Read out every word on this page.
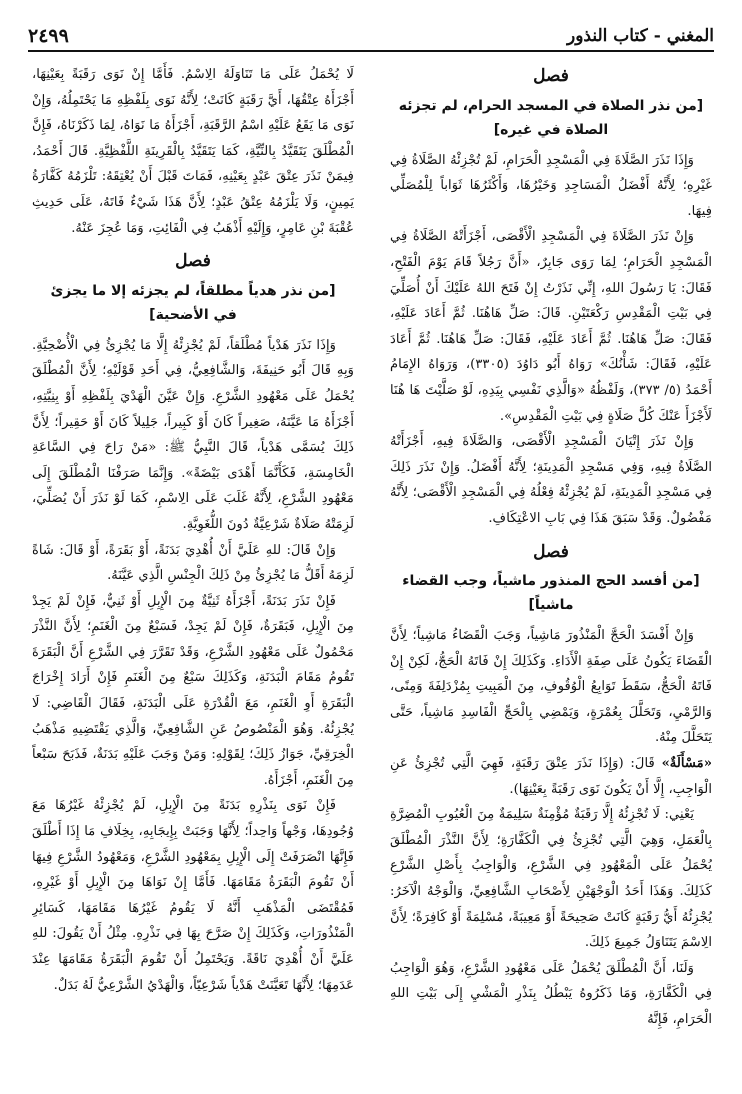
المغني-كتاب النذور
٢٤٩٩
فصل
[من نذر الصلاة في المسجد الحرام، لم تجزئه الصلاة في غيره]

وَإِذَا نَذَرَ الصَّلَاةَ فِي الْمَسْجِدِ الْحَرَامِ، لَمْ تُجْزِئْهُ الصَّلَاةُ فِي غَيْرِهِ؛ لِأَنَّهُ أَفْضَلُ الْمَسَاجِدِ وَخَيْرُهَا، وَأَكْثَرُهَا ثَوَاباً لِلْمُصَلِّي فِيهَا.

وَإِنْ نَذَرَ الصَّلَاةَ فِي الْمَسْجِدِ الْأَقْصَى، أَجْزَأَتْهُ الصَّلَاةُ فِي الْمَسْجِدِ الْحَرَامِ؛ لِمَا رَوَى جَابِرٌ، «أَنَّ رَجُلاً قَامَ يَوْمَ الْفَتْحِ، فَقَالَ: يَا رَسُولَ اللهِ، إِنِّي نَذَرْتُ إِنْ فَتَحَ اللهُ عَلَيْكَ أَنْ أُصَلِّيَ فِي بَيْتِ الْمَقْدِسِ رَكْعَتَيْنِ. قَالَ: صَلِّ هَاهُنَا. ثُمَّ أَعَادَ عَلَيْهِ، فَقَالَ: صَلِّ هَاهُنَا. ثُمَّ أَعَادَ عَلَيْهِ، فَقَالَ: صَلِّ هَاهُنَا. ثُمَّ أَعَادَ عَلَيْهِ، فَقَالَ: شَأْنُكَ» رَوَاهُ أَبُو دَاوُدَ (٣٣٠٥)، وَرَوَاهُ الإِمَامُ أَحْمَدُ (٥/ ٣٧٣)، وَلَفْظُهُ «وَالَّذِي نَفْسِي بِيَدِهِ، لَوْ صَلَّيْتَ هَا هُنَا لَأَجْزَأَ عَنْكَ كُلَّ صَلَاةٍ فِي بَيْتِ الْمَقْدِسِ».

وَإِنْ نَذَرَ إِتْيَانَ الْمَسْجِدِ الْأَقْصَى، وَالصَّلَاةَ فِيهِ، أَجْزَأَتْهُ الصَّلَاةُ فِيهِ، وَفِي مَسْجِدِ الْمَدِينَةِ؛ لِأَنَّهُ أَفْضَلُ. وَإِنْ نَذَرَ ذَلِكَ فِي مَسْجِدِ الْمَدِينَةِ، لَمْ يُجْزِئْهُ فِعْلُهُ فِي الْمَسْجِدِ الْأَقْصَى؛ لِأَنَّهُ مَفْضُولٌ. وَقَدْ سَبَقَ هَذَا فِي بَابِ الاعْتِكَافِ.

فصل
[من أفسد الحج المنذور ماشياً، وجب القضاء ماشياً]

وَإِنْ أَفْسَدَ الْحَجَّ الْمَنْذُورَ مَاشِياً، وَجَبَ الْقَضَاءُ مَاشِياً؛ لِأَنَّ الْقَضَاءَ يَكُونُ عَلَى صِفَةِ الْأَدَاءِ. وَكَذَلِكَ إِنْ فَاتَهُ الْحَجُّ، لَكِنْ إِنْ فَاتَهُ الْحَجُّ، سَقَطَ تَوَابِعُ الْوُقُوفِ، مِنَ الْمَبِيتِ بِمُزْدَلِفَةَ وَمِنًى، وَالرَّمْيِ، وَتَحَلَّلَ بِعُمْرَةٍ، وَيَمْضِي بِالْحَجِّ الْفَاسِدِ مَاشِياً، حَتَّى يَتَحَلَّلَ مِنْهُ.

«مَسْأَلَةٌ» قَالَ: (وَإِذَا نَذَرَ عِتْقَ رَقَبَةٍ، فَهِيَ الَّتِي تُجْزِئُ عَنِ الْوَاجِبِ، إِلَّا أَنْ يَكُونَ نَوَى رَقَبَةً بِعَيْنِهَا).

يَعْنِي: لَا تُجْزِئُهُ إِلَّا رَقَبَةٌ مُؤْمِنَةٌ سَلِيمَةٌ مِنَ الْعُيُوبِ الْمُضِرَّةِ بِالْعَمَلِ، وَهِيَ الَّتِي تُجْزِئُ فِي الْكَفَّارَةِ؛ لِأَنَّ النَّذْرَ الْمُطْلَقَ يُحْمَلُ عَلَى الْمَعْهُودِ فِي الشَّرْعِ، وَالْوَاجِبُ بِأَصْلِ الشَّرْعِ كَذَلِكَ. وَهَذَا أَحَدُ الْوَجْهَيْنِ لِأَصْحَابِ الشَّافِعِيِّ، وَالْوَجْهُ الْآخَرُ: يُجْزِئُهُ أَيُّ رَقَبَةٍ كَانَتْ صَحِيحَةً أَوْ مَعِيبَةً، مُسْلِمَةً أَوْ كَافِرَةً؛ لِأَنَّ الِاسْمَ يَتَنَاوَلُ جَمِيعَ ذَلِكَ.

وَلَنَا، أَنَّ الْمُطْلَقَ يُحْمَلُ عَلَى مَعْهُودِ الشَّرْعِ، وَهُوَ الْوَاجِبُ فِي الْكَفَّارَةِ، وَمَا ذَكَرُوهُ يَبْطُلُ بِنَذْرِ الْمَشْيِ إِلَى بَيْتِ اللهِ الْحَرَامِ، فَإِنَّهُ

لَا يُحْمَلُ عَلَى مَا تَنَاوَلَهُ الِاسْمُ. فَأَمَّا إِنْ نَوَى رَقَبَةً بِعَيْنِهَا، أَجْزَأَهُ عِتْقُهَا، أَيَّ رَقَبَةٍ كَانَتْ؛ لِأَنَّهُ نَوَى بِلَفْظِهِ مَا يَحْتَمِلُهُ، وَإِنْ نَوَى مَا يَقَعُ عَلَيْهِ اسْمُ الرَّقَبَةِ، أَجْزَأَهُ مَا نَوَاهُ، لِمَا ذَكَرْنَاهُ، فَإِنَّ الْمُطْلَقَ يَتَقَيَّدُ بِالنِّيَّةِ، كَمَا يَتَقَيَّدُ بِالْقَرِينَةِ اللَّفْظِيَّةِ. قَالَ أَحْمَدُ، فِيمَنْ نَذَرَ عِتْقَ عَبْدٍ بِعَيْنِهِ، فَمَاتَ قَبْلَ أَنْ يُعْتِقَهُ: تَلْزَمُهُ كَفَّارَةُ يَمِينٍ، وَلَا يَلْزَمُهُ عِتْقُ عَبْدٍ؛ لِأَنَّ هَذَا شَيْءٌ فَاتَهُ، عَلَى حَدِيثِ عُقْبَةَ بْنِ عَامِرٍ، وَإِلَيْهِ أَذْهَبُ فِي الْفَائِتِ، وَمَا عُجِزَ عَنْهُ.

فصل
[من نذر هدياً مطلقاً، لم يجزئه إلا ما يجزئ في الأضحية]

وَإِذَا نَذَرَ هَدْياً مُطْلَقاً، لَمْ يُجْزِئْهُ إِلَّا مَا يُجْزِئُ فِي الْأُضْحِيَّةِ. وَبِهِ قَالَ أَبُو حَنِيفَةَ، وَالشَّافِعِيُّ، فِي أَحَدِ قَوْلَيْهِ؛ لِأَنَّ الْمُطْلَقَ يُحْمَلُ عَلَى مَعْهُودِ الشَّرْعِ. وَإِنْ عَيَّنَ الْهَدْيَ بِلَفْظِهِ أَوْ بِنِيَّتِهِ، أَجْزَأَهُ مَا عَيَّنَهُ، صَغِيراً كَانَ أَوْ كَبِيراً، جَلِيلاً كَانَ أَوْ حَقِيراً؛ لِأَنَّ ذَلِكَ يُسَمَّى هَدْياً، قَالَ النَّبِيُّ ﷺ: «مَنْ رَاحَ فِي السَّاعَةِ الْخَامِسَةِ، فَكَأَنَّمَا أَهْدَى بَيْضَةً». وَإِنَّمَا صَرَفْنَا الْمُطْلَقَ إِلَى مَعْهُودِ الشَّرْعِ، لِأَنَّهُ غَلَبَ عَلَى الِاسْمِ، كَمَا لَوْ نَذَرَ أَنْ يُصَلِّيَ، لَزِمَتْهُ صَلَاةٌ شَرْعِيَّةٌ دُونَ اللُّغَوِيَّةِ.

وَإِنْ قَالَ: للهِ عَلَيَّ أَنْ أُهْدِيَ بَدَنَةً، أَوْ بَقَرَةً، أَوْ قَالَ: شَاةً لَزِمَهُ أَقَلُّ مَا يُجْزِئُ مِنْ ذَلِكَ الْجِنْسِ الَّذِي عَيَّنَهُ.

فَإِنْ نَذَرَ بَدَنَةً، أَجْزَأَهُ ثَنِيَّةٌ مِنَ الْإِبِلِ أَوْ ثَنِيٌّ، فَإِنْ لَمْ يَجِدْ مِنَ الْإِبِلِ، فَبَقَرَةٌ، فَإِنْ لَمْ يَجِدْ، فَسَبْعٌ مِنَ الْغَنَمِ؛ لِأَنَّ النَّذْرَ مَحْمُولٌ عَلَى مَعْهُودِ الشَّرْعِ، وَقَدْ تَقَرَّرَ فِي الشَّرْعِ أَنَّ الْبَقَرَةَ تَقُومُ مَقَامَ الْبَدَنَةِ، وَكَذَلِكَ سَبْعٌ مِنَ الْغَنَمِ فَإِنْ أَرَادَ إِخْرَاجَ الْبَقَرَةِ أَوِ الْغَنَمِ، مَعَ الْقُدْرَةِ عَلَى الْبَدَنَةِ، فَقَالَ الْقَاضِي: لَا يُجْزِئُهُ. وَهُوَ الْمَنْصُوصُ عَنِ الشَّافِعِيِّ، وَالَّذِي يَقْتَضِيهِ مَذْهَبُ الْخِرَقِيِّ، جَوَازُ ذَلِكَ؛ لِقَوْلِهِ: وَمَنْ وَجَبَ عَلَيْهِ بَدَنَةٌ، فَذَبَحَ سَبْعاً مِنَ الْغَنَمِ، أَجْزَأَهُ.

فَإِنْ نَوَى بِنَذْرِهِ بَدَنَةً مِنَ الْإِبِلِ، لَمْ يُجْزِئْهُ غَيْرُهَا مَعَ وُجُودِهَا، وَجْهاً وَاحِداً؛ لِأَنَّهَا وَجَبَتْ بِإِيجَابِهِ، بِخِلَافِ مَا إِذَا أَطْلَقَ فَإِنَّهَا انْصَرَفَتْ إِلَى الْإِبِلِ بِمَعْهُودِ الشَّرْعِ، وَمَعْهُودُ الشَّرْعِ فِيهَا أَنْ تَقُومَ الْبَقَرَةُ مَقَامَهَا. فَأَمَّا إِنْ نَوَاهَا مِنَ الْإِبِلِ أَوْ غَيْرِهِ، فَمُقْتَضَى الْمَذْهَبِ أَنَّهُ لَا يَقُومُ غَيْرُهَا مَقَامَهَا، كَسَائِرِ الْمَنْذُورَاتِ، وَكَذَلِكَ إِنْ صَرَّحَ بِهَا فِي نَذْرِهِ. مِثْلُ أَنْ يَقُولَ: للهِ عَلَيَّ أَنْ أُهْدِيَ نَاقَةً. وَيَحْتَمِلُ أَنْ تَقُومَ الْبَقَرَةُ مَقَامَهَا عِنْدَ عَدَمِهَا؛ لِأَنَّهَا تَعَيَّنَتْ هَدْياً شَرْعِيّاً، وَالْهَدْيُ الشَّرْعِيُّ لَهُ بَدَلٌ.
